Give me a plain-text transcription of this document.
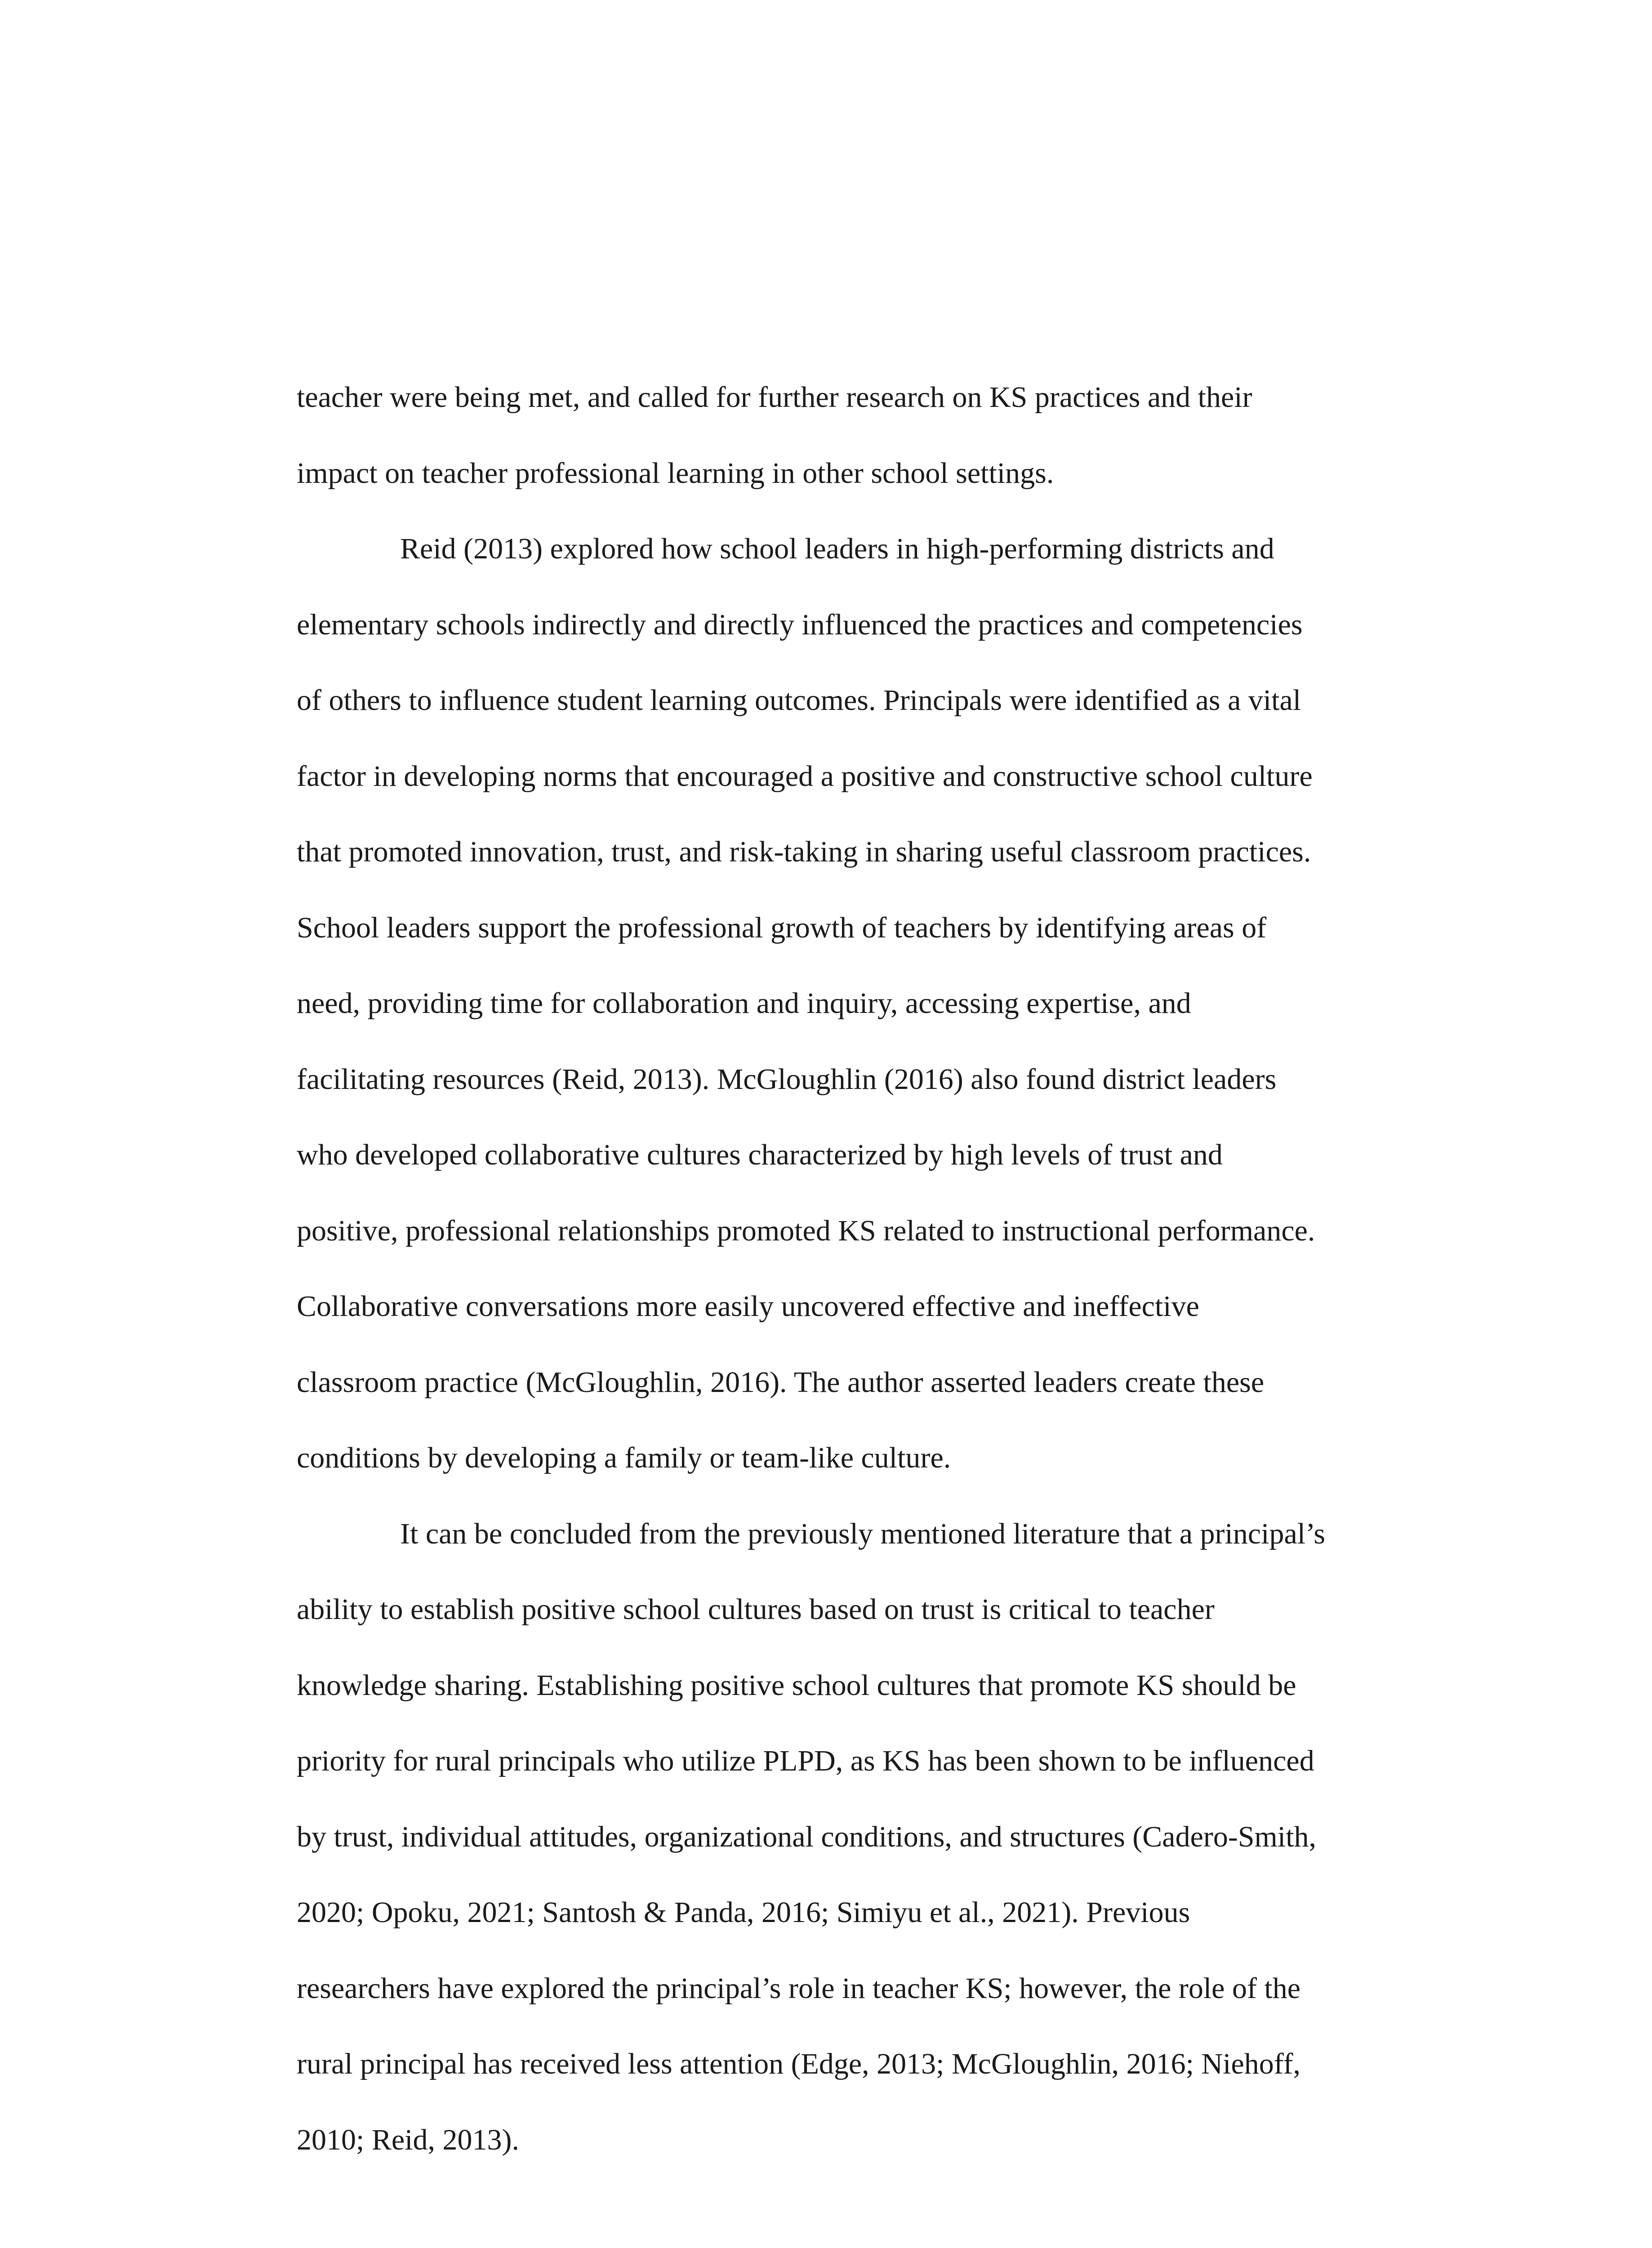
teacher were being met, and called for further research on KS practices and their
impact on teacher professional learning in other school settings.
Reid (2013) explored how school leaders in high-performing districts and
elementary schools indirectly and directly influenced the practices and competencies
of others to influence student learning outcomes. Principals were identified as a vital
factor in developing norms that encouraged a positive and constructive school culture
that promoted innovation, trust, and risk-taking in sharing useful classroom practices.
School leaders support the professional growth of teachers by identifying areas of
need, providing time for collaboration and inquiry, accessing expertise, and
facilitating resources (Reid, 2013). McGloughlin (2016) also found district leaders
who developed collaborative cultures characterized by high levels of trust and
positive, professional relationships promoted KS related to instructional performance.
Collaborative conversations more easily uncovered effective and ineffective
classroom practice (McGloughlin, 2016). The author asserted leaders create these
conditions by developing a family or team-like culture.
It can be concluded from the previously mentioned literature that a principal’s
ability to establish positive school cultures based on trust is critical to teacher
knowledge sharing. Establishing positive school cultures that promote KS should be
priority for rural principals who utilize PLPD, as KS has been shown to be influenced
by trust, individual attitudes, organizational conditions, and structures (Cadero-Smith,
2020; Opoku, 2021; Santosh & Panda, 2016; Simiyu et al., 2021). Previous
researchers have explored the principal’s role in teacher KS; however, the role of the
rural principal has received less attention (Edge, 2013; McGloughlin, 2016; Niehoff,
2010; Reid, 2013).
